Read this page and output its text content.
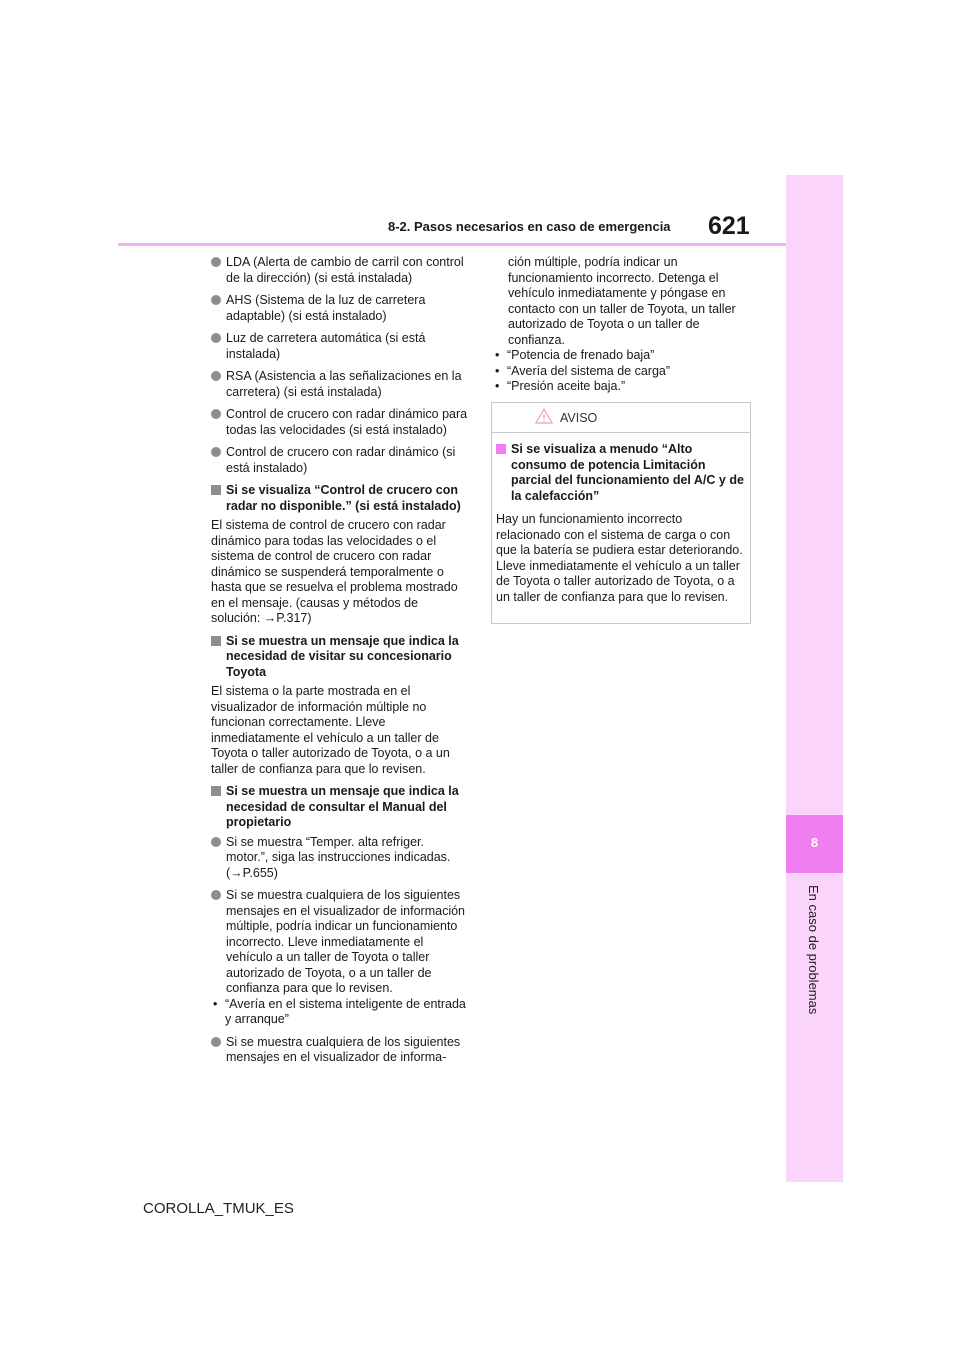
8-2. Pasos necesarios en caso de emergencia 621
8
En caso de problemas
LDA (Alerta de cambio de carril con control de la dirección) (si está instalada)
AHS (Sistema de la luz de carretera adaptable) (si está instalado)
Luz de carretera automática (si está instalada)
RSA (Asistencia a las señalizaciones en la carretera) (si está instalada)
Control de crucero con radar dinámico para todas las velocidades (si está instalado)
Control de crucero con radar dinámico (si está instalado)
Si se visualiza “Control de crucero con radar no disponible.” (si está instalado)
El sistema de control de crucero con radar dinámico para todas las velocidades o el sistema de control de crucero con radar dinámico se suspenderá temporalmente o hasta que se resuelva el problema mostrado en el mensaje. (causas y métodos de solución: →P.317)
Si se muestra un mensaje que indica la necesidad de visitar su concesionario Toyota
El sistema o la parte mostrada en el visualizador de información múltiple no funcionan correctamente. Lleve inmediatamente el vehículo a un taller de Toyota o taller autorizado de Toyota, o a un taller de confianza para que lo revisen.
Si se muestra un mensaje que indica la necesidad de consultar el Manual del propietario
Si se muestra “Temper. alta refriger. motor.”, siga las instrucciones indicadas. (→P.655)
Si se muestra cualquiera de los siguientes mensajes en el visualizador de información múltiple, podría indicar un funcionamiento incorrecto. Lleve inmediatamente el vehículo a un taller de Toyota o taller autorizado de Toyota, o a un taller de confianza para que lo revisen.
• “Avería en el sistema inteligente de entrada y arranque”
Si se muestra cualquiera de los siguientes mensajes en el visualizador de informa-
ción múltiple, podría indicar un funcionamiento incorrecto. Detenga el vehículo inmediatamente y póngase en contacto con un taller de Toyota, un taller autorizado de Toyota o un taller de confianza.
• “Potencia de frenado baja”
• “Avería del sistema de carga”
• “Presión aceite baja.”
AVISO
Si se visualiza a menudo “Alto consumo de potencia Limitación parcial del funcionamiento del A/C y de la calefacción”
Hay un funcionamiento incorrecto relacionado con el sistema de carga o con que la batería se pudiera estar deteriorando. Lleve inmediatamente el vehículo a un taller de Toyota o taller autorizado de Toyota, o a un taller de confianza para que lo revisen.
COROLLA_TMUK_ES
